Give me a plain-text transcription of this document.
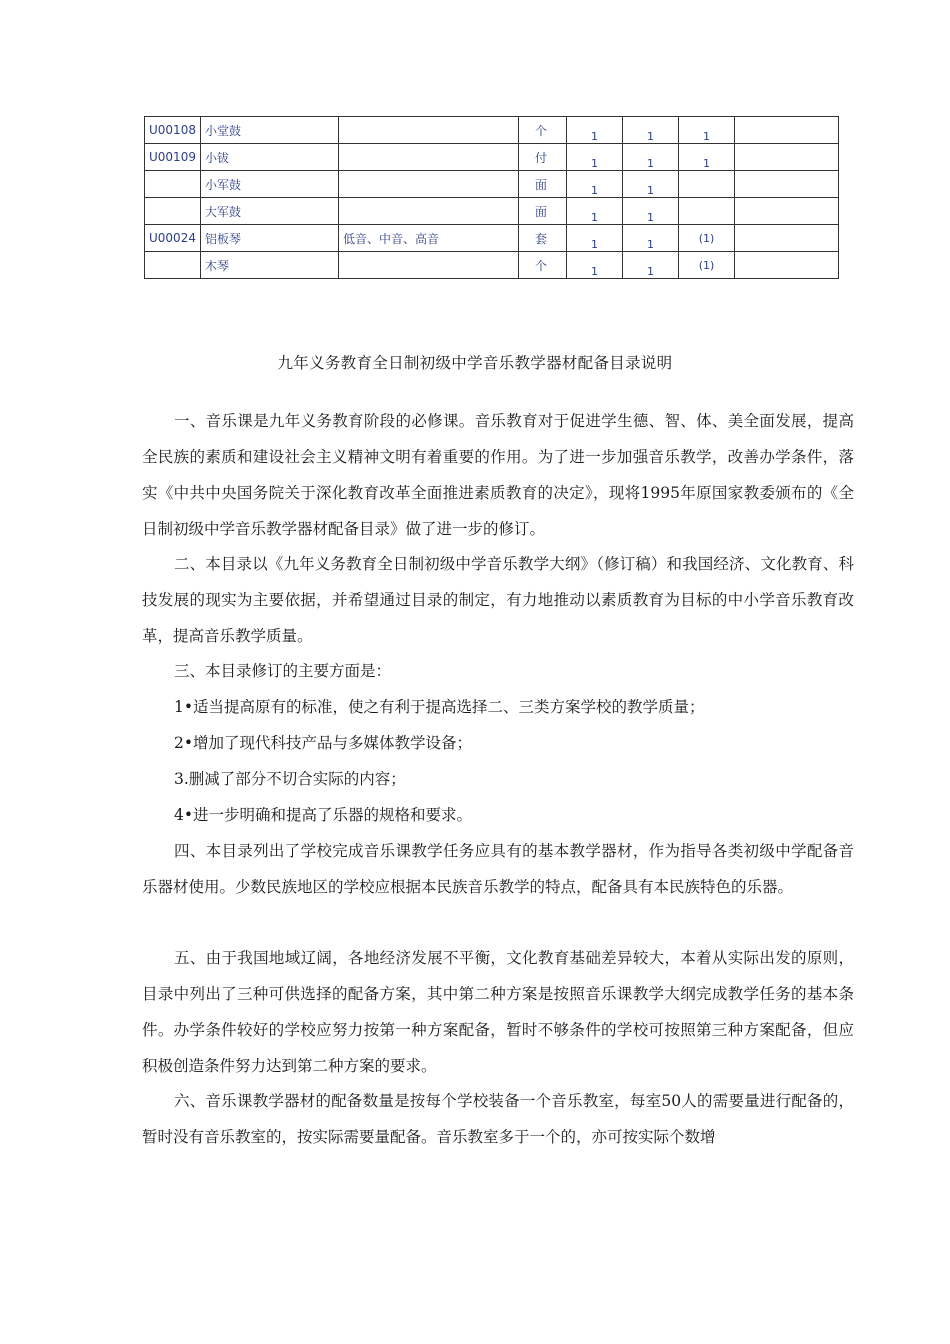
U00108	小堂鼓		个	1	1	1	
U00109	小钹		付	1	1	1	
	小军鼓		面	1	1		
	大军鼓		面	1	1		
U00024	铝板琴	低音、中音、高音	套	1	1	(1)	
	木琴		个	1	1	(1)	
九年义务教育全日制初级中学音乐教学器材配备目录说明
一、音乐课是九年义务教育阶段的必修课。音乐教育对于促进学生德、智、体、美全面发展，提高全民族的素质和建设社会主义精神文明有着重要的作用。为了进一步加强音乐教学，改善办学条件，落实《中共中央国务院关于深化教育改革全面推进素质教育的决定》，现将1995年原国家教委颁布的《全日制初级中学音乐教学器材配备目录》做了进一步的修订。
二、本目录以《九年义务教育全日制初级中学音乐教学大纲》（修订稿）和我国经济、文化教育、科技发展的现实为主要依据，并希望通过目录的制定，有力地推动以素质教育为目标的中小学音乐教育改革，提高音乐教学质量。
三、本目录修订的主要方面是：
1•适当提高原有的标准，使之有利于提高选择二、三类方案学校的教学质量；
2•增加了现代科技产品与多媒体教学设备；
3.删减了部分不切合实际的内容；
4•进一步明确和提高了乐器的规格和要求。
四、本目录列出了学校完成音乐课教学任务应具有的基本教学器材，作为指导各类初级中学配备音乐器材使用。少数民族地区的学校应根据本民族音乐教学的特点，配备具有本民族特色的乐器。
五、由于我国地域辽阔，各地经济发展不平衡，文化教育基础差异较大，本着从实际出发的原则，目录中列出了三种可供选择的配备方案，其中第二种方案是按照音乐课教学大纲完成教学任务的基本条件。办学条件较好的学校应努力按第一种方案配备，暂时不够条件的学校可按照第三种方案配备，但应积极创造条件努力达到第二种方案的要求。
六、音乐课教学器材的配备数量是按每个学校装备一个音乐教室，每室50人的需要量进行配备的，暂时没有音乐教室的，按实际需要量配备。音乐教室多于一个的，亦可按实际个数增
